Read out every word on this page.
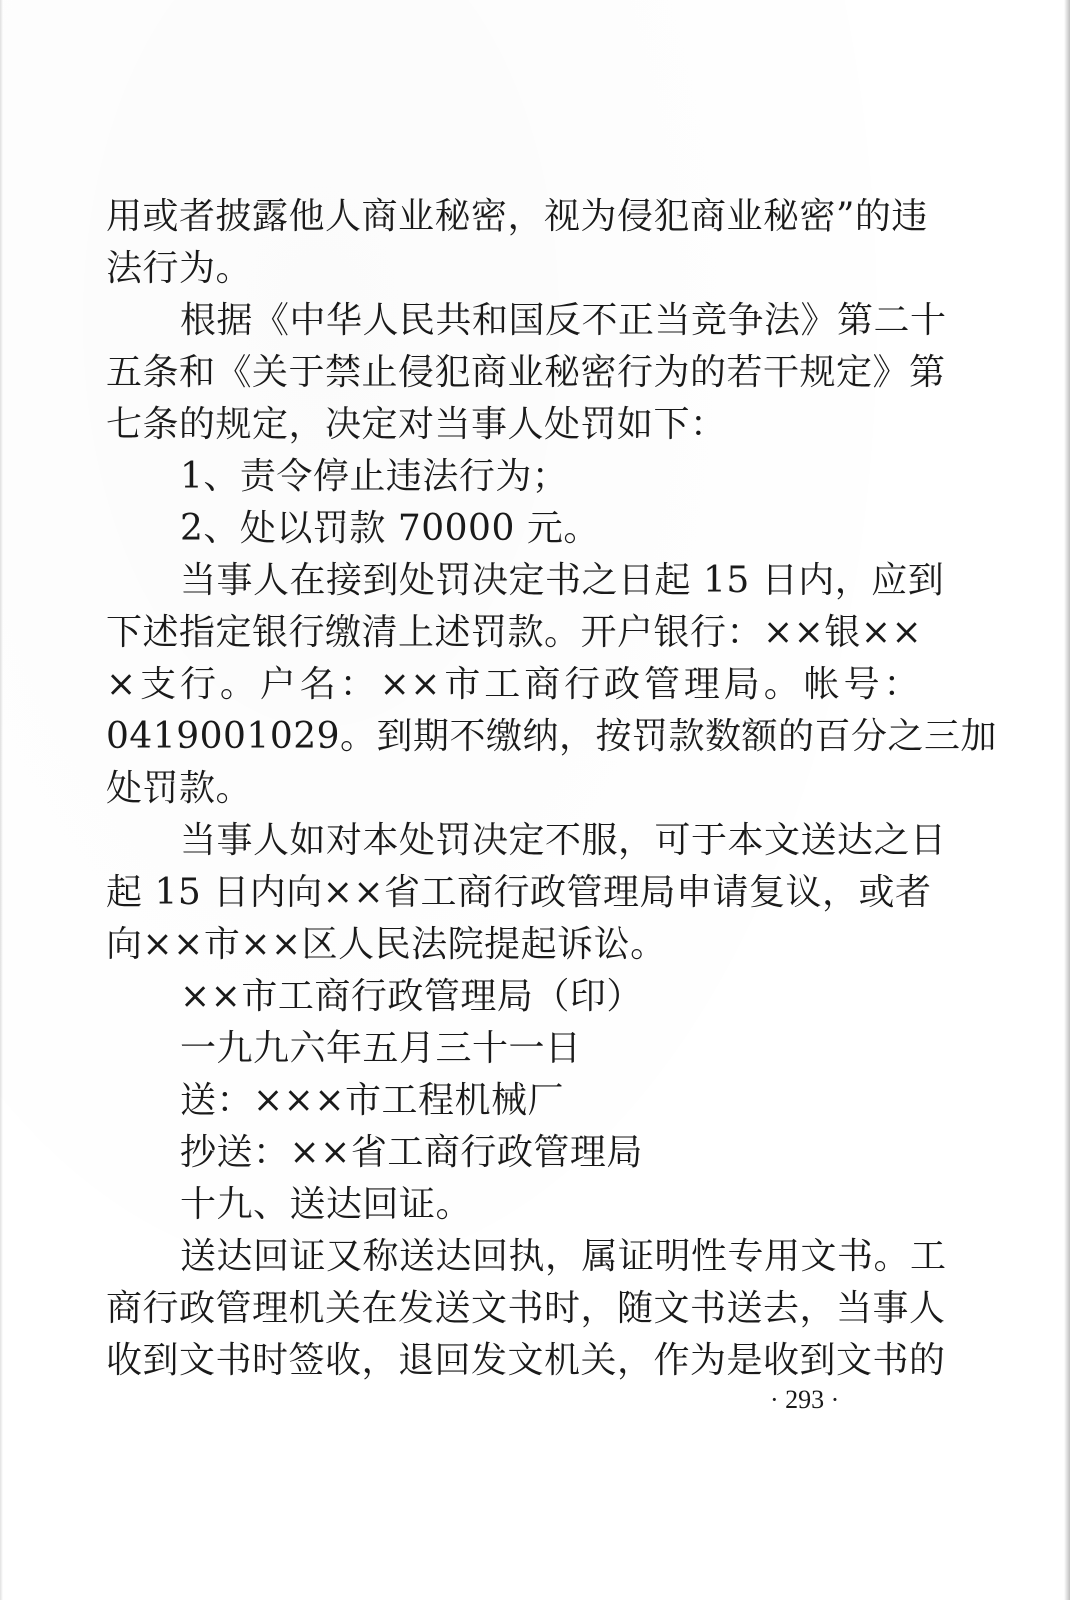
用或者披露他人商业秘密，视为侵犯商业秘密”的违
法行为。
根据《中华人民共和国反不正当竞争法》第二十
五条和《关于禁止侵犯商业秘密行为的若干规定》第
七条的规定，决定对当事人处罚如下：
1、责令停止违法行为；
2、处以罚款 70000 元。
当事人在接到处罚决定书之日起 15 日内，应到
下述指定银行缴清上述罚款。开户银行：××银××
×支行。户名：××市工商行政管理局。帐号：
0419001029。到期不缴纳，按罚款数额的百分之三加
处罚款。
当事人如对本处罚决定不服，可于本文送达之日
起 15 日内向××省工商行政管理局申请复议，或者
向××市××区人民法院提起诉讼。
××市工商行政管理局（印）
一九九六年五月三十一日
送：×××市工程机械厂
抄送：××省工商行政管理局
十九、送达回证。
送达回证又称送达回执，属证明性专用文书。工
商行政管理机关在发送文书时，随文书送去，当事人
收到文书时签收，退回发文机关，作为是收到文书的
· 293 ·
